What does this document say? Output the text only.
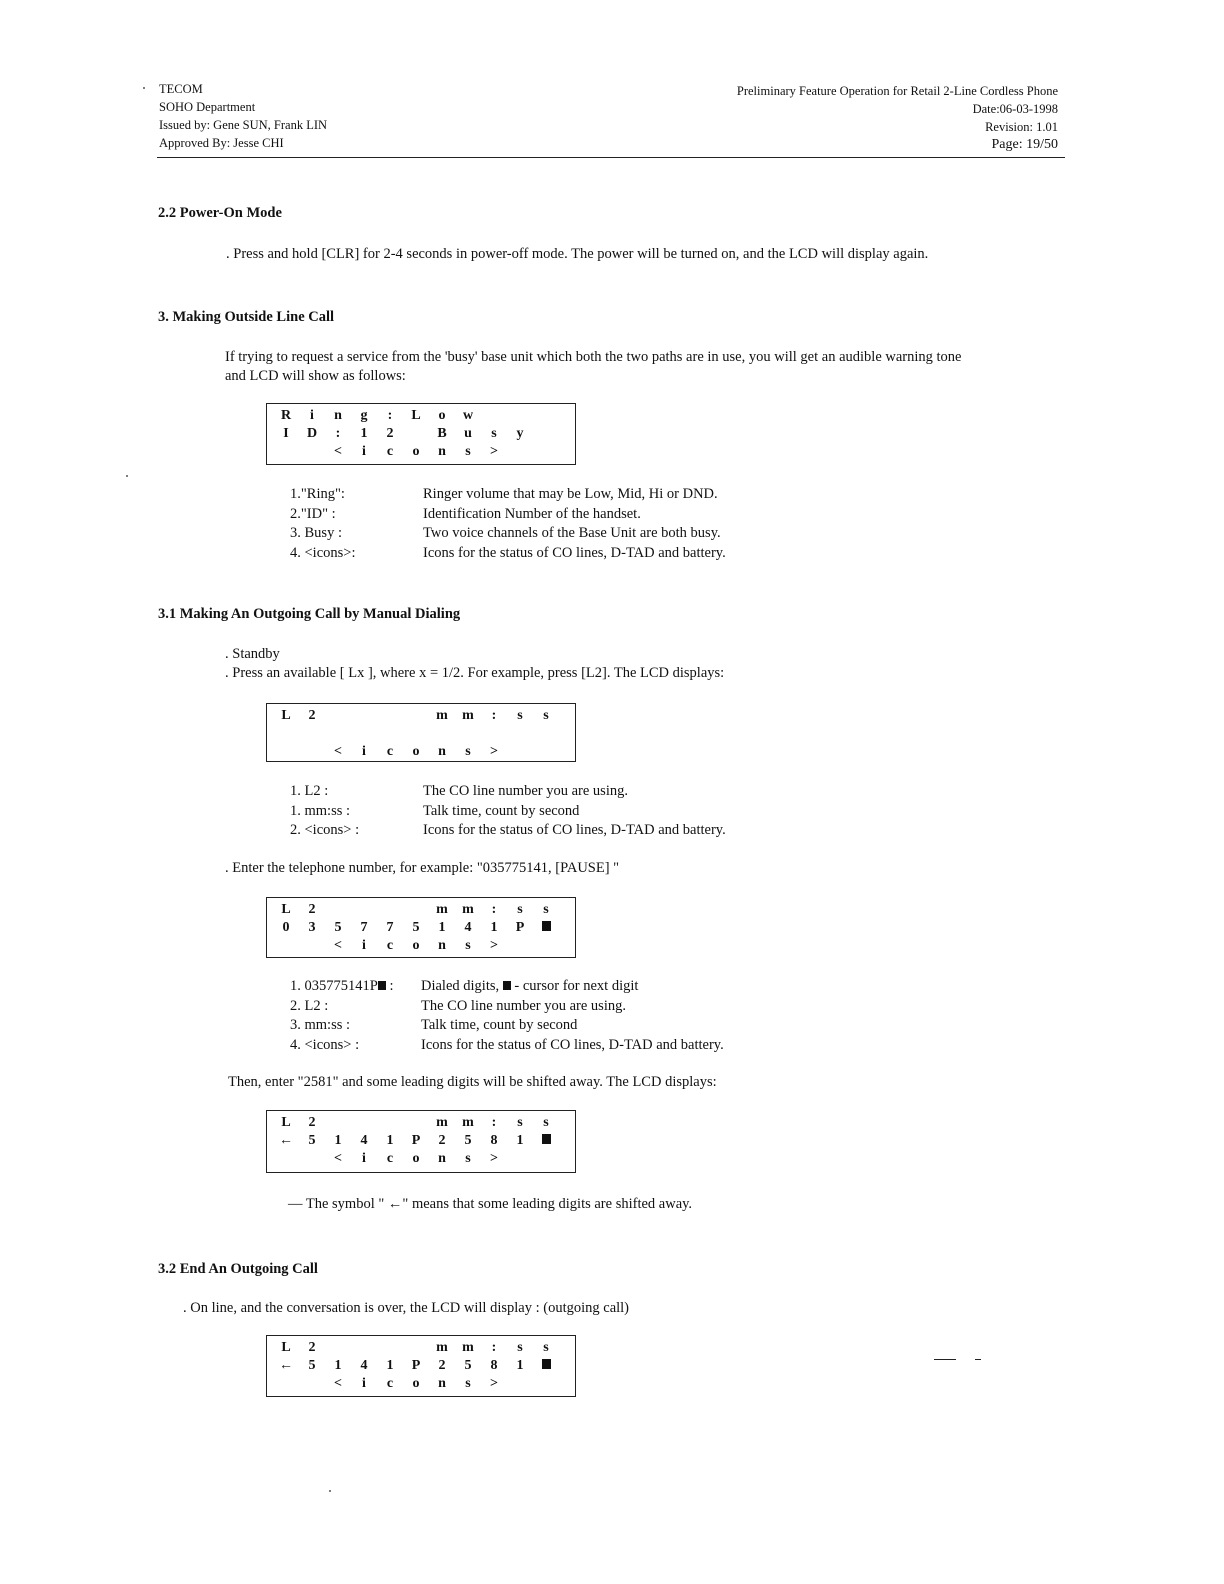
TECOM
SOHO Department
Issued by: Gene SUN, Frank LIN
Approved By: Jesse CHI
Preliminary Feature Operation for Retail 2-Line Cordless Phone
Date:06-03-1998
Revision: 1.01
Page: 19/50
2.2 Power-On Mode

. Press and hold [CLR] for 2-4 seconds in power-off mode. The power will be turned on, and the LCD will display again.

3. Making Outside Line Call

If trying to request a service from the 'busy' base unit which both the two paths are in use, you will get an audible warning tone

and LCD will show as follows:

R	i	n	g	:	L	o	w
I	D	:	1	2	B	u	s	y
<	i	c	o	n	s	>
1."Ring":	Ringer volume that may be Low, Mid, Hi or DND.
2."ID" :	Identification Number of the handset.
3. Busy :	Two voice channels of the Base Unit are both busy.
4. <icons>:	Icons for the status of CO lines, D-TAD and battery.
3.1 Making An Outgoing Call by Manual Dialing

. Standby

. Press an available [ Lx ], where x = 1/2. For example, press [L2]. The LCD displays:

L	2	m	m	:	s	s
<	i	c	o	n	s	>
1. L2 :	The CO line number you are using.
1. mm:ss :	Talk time, count by second
2. <icons> :	Icons for the status of CO lines, D-TAD and battery.

. Enter the telephone number, for example: "035775141, [PAUSE] "

L	2	m	m	:	s	s
0	3	5	7	7	5	1	4	1	P
<	i	c	o	n	s	>
1. 035775141P : Dialed digits, - cursor for next digit
2. L2 :	The CO line number you are using.
3. mm:ss :	Talk time, count by second
4. <icons> :	Icons for the status of CO lines, D-TAD and battery.

Then, enter "2581" and some leading digits will be shifted away. The LCD displays:

L	2	m	m	:	s	s
←	5	1	4	1	P	2	5	8	1
<	i	c	o	n	s	>

— The symbol " ←" means that some leading digits are shifted away.

3.2 End An Outgoing Call

. On line, and the conversation is over, the LCD will display : (outgoing call)

L	2	m	m	:	s	s
←	5	1	4	1	P	2	5	8	1
<	i	c	o	n	s	>
